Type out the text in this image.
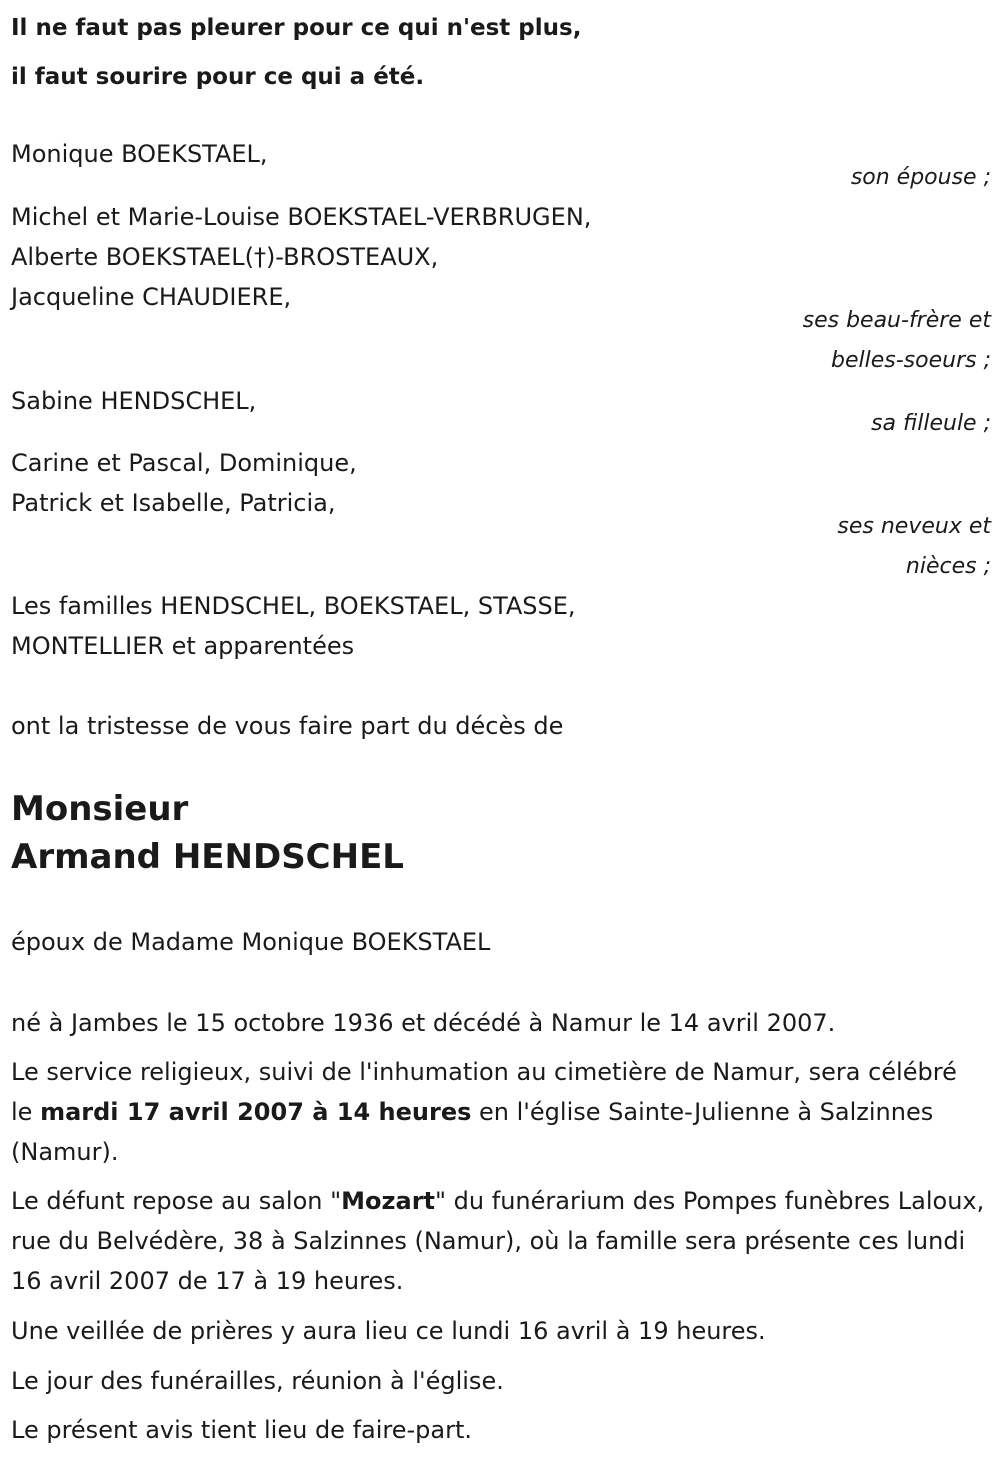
Il ne faut pas pleurer pour ce qui n'est plus,
il faut sourire pour ce qui a été.
Monique BOEKSTAEL,
son épouse ;
Michel et Marie-Louise BOEKSTAEL-VERBRUGEN,
Alberte BOEKSTAEL(†)-BROSTEAUX,
Jacqueline CHAUDIERE,
ses beau-frère et
belles-soeurs ;
Sabine HENDSCHEL,
sa filleule ;
Carine et Pascal, Dominique,
Patrick et Isabelle, Patricia,
ses neveux et
nièces ;
Les familles HENDSCHEL, BOEKSTAEL, STASSE,
MONTELLIER et apparentées
ont la tristesse de vous faire part du décès de
Monsieur
Armand HENDSCHEL
époux de Madame Monique BOEKSTAEL
né à Jambes le 15 octobre 1936 et décédé à Namur le 14 avril 2007.
Le service religieux, suivi de l'inhumation au cimetière de Namur, sera célébré le mardi 17 avril 2007 à 14 heures en l'église Sainte-Julienne à Salzinnes (Namur).
Le défunt repose au salon "Mozart" du funérarium des Pompes funèbres Laloux, rue du Belvédère, 38 à Salzinnes (Namur), où la famille sera présente ces lundi 16 avril 2007 de 17 à 19 heures.
Une veillée de prières y aura lieu ce lundi 16 avril à 19 heures.
Le jour des funérailles, réunion à l'église.
Le présent avis tient lieu de faire-part.
